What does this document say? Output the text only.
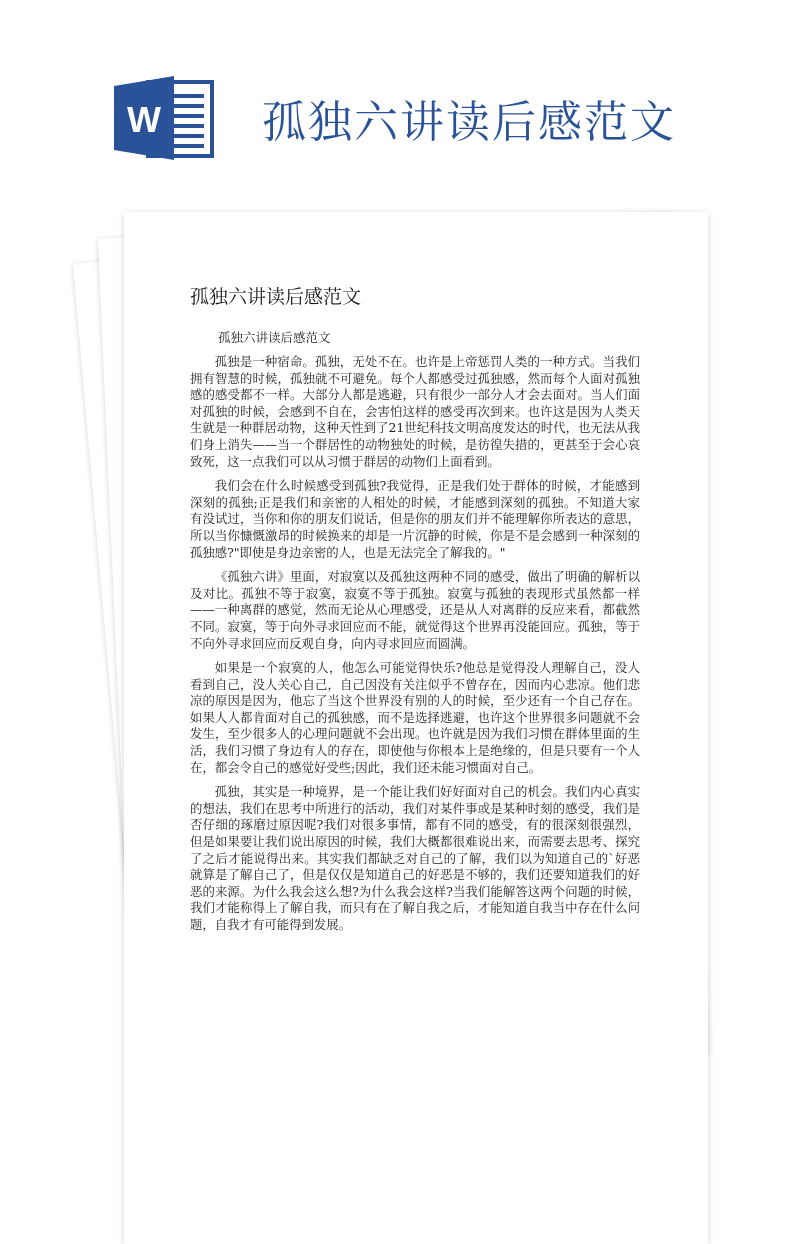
W 孤独六讲读后感范文
孤独六讲读后感范文
孤独六讲读后感范文

孤独是一种宿命。孤独，无处不在。也许是上帝惩罚人类的一种方式。当我们拥有智慧的时候，孤独就不可避免。每个人都感受过孤独感，然而每个人面对孤独感的感受都不一样。大部分人都是逃避，只有很少一部分人才会去面对。当人们面对孤独的时候，会感到不自在，会害怕这样的感受再次到来。也许这是因为人类天生就是一种群居动物，这种天性到了21世纪科技文明高度发达的时代，也无法从我们身上消失——当一个群居性的动物独处的时候，是彷徨失措的，更甚至于会心哀致死，这一点我们可以从习惯于群居的动物们上面看到。

我们会在什么时候感受到孤独?我觉得，正是我们处于群体的时候，才能感到深刻的孤独;正是我们和亲密的人相处的时候，才能感到深刻的孤独。不知道大家有没试过，当你和你的朋友们说话，但是你的朋友们并不能理解你所表达的意思，所以当你慷慨激昂的时候换来的却是一片沉静的时候，你是不是会感到一种深刻的孤独感?"即使是身边亲密的人，也是无法完全了解我的。"

《孤独六讲》里面，对寂寞以及孤独这两种不同的感受，做出了明确的解析以及对比。孤独不等于寂寞，寂寞不等于孤独。寂寞与孤独的表现形式虽然都一样——一种离群的感觉，然而无论从心理感受，还是从人对离群的反应来看，都截然不同。寂寞，等于向外寻求回应而不能，就觉得这个世界再没能回应。孤独，等于不向外寻求回应而反观自身，向内寻求回应而圆满。

如果是一个寂寞的人，他怎么可能觉得快乐?他总是觉得没人理解自己，没人看到自己，没人关心自己，自己因没有关注似乎不曾存在，因而内心悲凉。他们悲凉的原因是因为，他忘了当这个世界没有别的人的时候，至少还有一个自己存在。如果人人都肯面对自己的孤独感，而不是选择逃避，也许这个世界很多问题就不会发生，至少很多人的心理问题就不会出现。也许就是因为我们习惯在群体里面的生活，我们习惯了身边有人的存在，即使他与你根本上是绝缘的，但是只要有一个人在，都会令自己的感觉好受些;因此，我们还未能习惯面对自己。

孤独，其实是一种境界，是一个能让我们好好面对自己的机会。我们内心真实的想法，我们在思考中所进行的活动，我们对某件事或是某种时刻的感受，我们是否仔细的琢磨过原因呢?我们对很多事情，都有不同的感受，有的很深刻很强烈，但是如果要让我们说出原因的时候，我们大概都很难说出来，而需要去思考、探究了之后才能说得出来。其实我们都缺乏对自己的了解，我们以为知道自己的`好恶就算是了解自己了，但是仅仅是知道自己的好恶是不够的，我们还要知道我们的好恶的来源。为什么我会这么想?为什么我会这样?当我们能解答这两个问题的时候，我们才能称得上了解自我，而只有在了解自我之后，才能知道自我当中存在什么问题，自我才有可能得到发展。
